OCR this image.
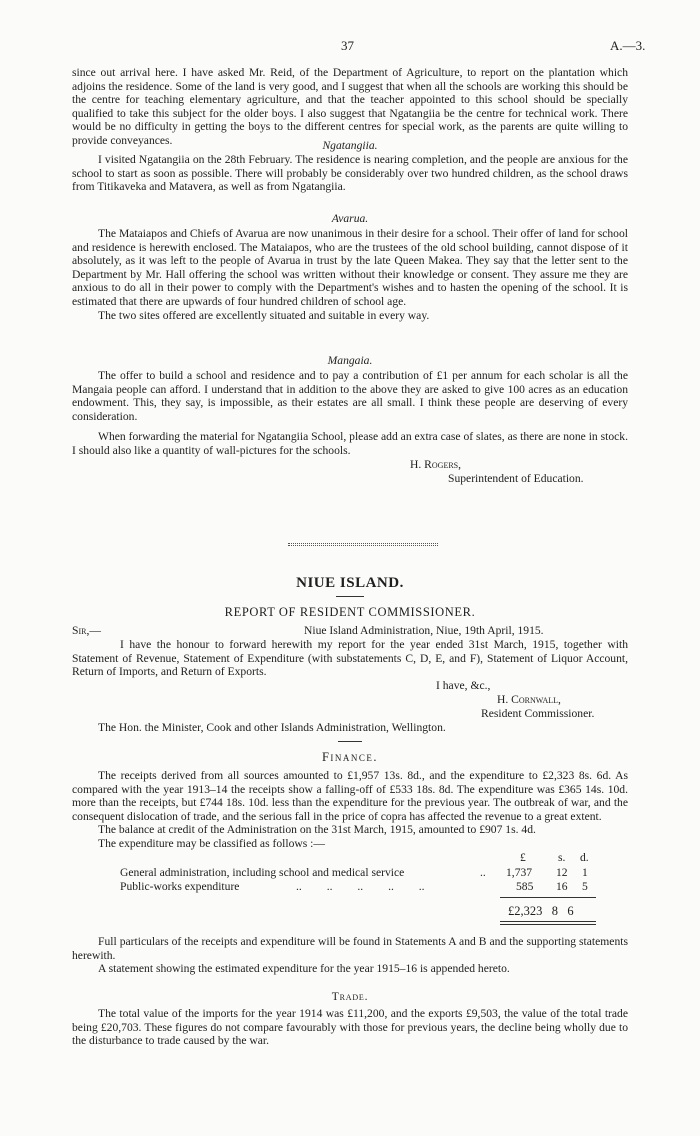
37	A.—3.

since out arrival here. I have asked Mr. Reid, of the Department of Agriculture, to report on the plantation which adjoins the residence. Some of the land is very good, and I suggest that when all the schools are working this should be the centre for teaching elementary agriculture, and that the teacher appointed to this school should be specially qualified to take this subject for the older boys. I also suggest that Ngatangiia be the centre for technical work. There would be no difficulty in getting the boys to the different centres for special work, as the parents are quite willing to provide conveyances.	Ngatangiia.

I visited Ngatangiia on the 28th February. The residence is nearing completion, and the people are anxious for the school to start as soon as possible. There will probably be considerably over two hundred children, as the school draws from Titikaveka and Matavera, as well as from Ngatangiia.

Avarua.

The Mataiapos and Chiefs of Avarua are now unanimous in their desire for a school. Their offer of land for school and residence is herewith enclosed. The Mataiapos, who are the trustees of the old school building, cannot dispose of it absolutely, as it was left to the people of Avarua in trust by the late Queen Makea. They say that the letter sent to the Department by Mr. Hall offering the school was written without their knowledge or consent. They assure me they are anxious to do all in their power to comply with the Department's wishes and to hasten the opening of the school. It is estimated that there are upwards of four hundred children of school age.

The two sites offered are excellently situated and suitable in every way.

Mangaia.

The offer to build a school and residence and to pay a contribution of £1 per annum for each scholar is all the Mangaia people can afford. I understand that in addition to the above they are asked to give 100 acres as an education endowment. This, they say, is impossible, as their estates are all small. I think these people are deserving of every consideration.

When forwarding the material for Ngatangiia School, please add an extra case of slates, as there are none in stock. I should also like a quantity of wall-pictures for the schools.

H. Rogers,
Superintendent of Education.
NIUE ISLAND.
REPORT OF RESIDENT COMMISSIONER.
Sir,—	Niue Island Administration, Niue, 19th April, 1915.

I have the honour to forward herewith my report for the year ended 31st March, 1915, together with Statement of Revenue, Statement of Expenditure (with substatements C, D, E, and F), Statement of Liquor Account, Return of Imports, and Return of Exports.

I have, &c.,
H. Cornwall,
Resident Commissioner.
The Hon. the Minister, Cook and other Islands Administration, Wellington.
Finance.

The receipts derived from all sources amounted to £1,957 13s. 8d., and the expenditure to £2,323 8s. 6d. As compared with the year 1913–14 the receipts show a falling-off of £533 18s. 8d. The expenditure was £365 14s. 10d. more than the receipts, but £744 18s. 10d. less than the expenditure for the previous year. The outbreak of war, and the consequent dislocation of trade, and the serious fall in the price of copra has affected the revenue to a great extent.

The balance at credit of the Administration on the 31st March, 1915, amounted to £907 1s. 4d.

The expenditure may be classified as follows :—

£	s. d.
General administration, including school and medical service	.. 1,737 12 1
Public-works expenditure	.. .. .. .. ..	585 16 5
£2,323   8   6

Full particulars of the receipts and expenditure will be found in Statements A and B and the supporting statements herewith.

A statement showing the estimated expenditure for the year 1915–16 is appended hereto.

Trade.

The total value of the imports for the year 1914 was £11,200, and the exports £9,503, the value of the total trade being £20,703. These figures do not compare favourably with those for previous years, the decline being wholly due to the disturbance to trade caused by the war.
